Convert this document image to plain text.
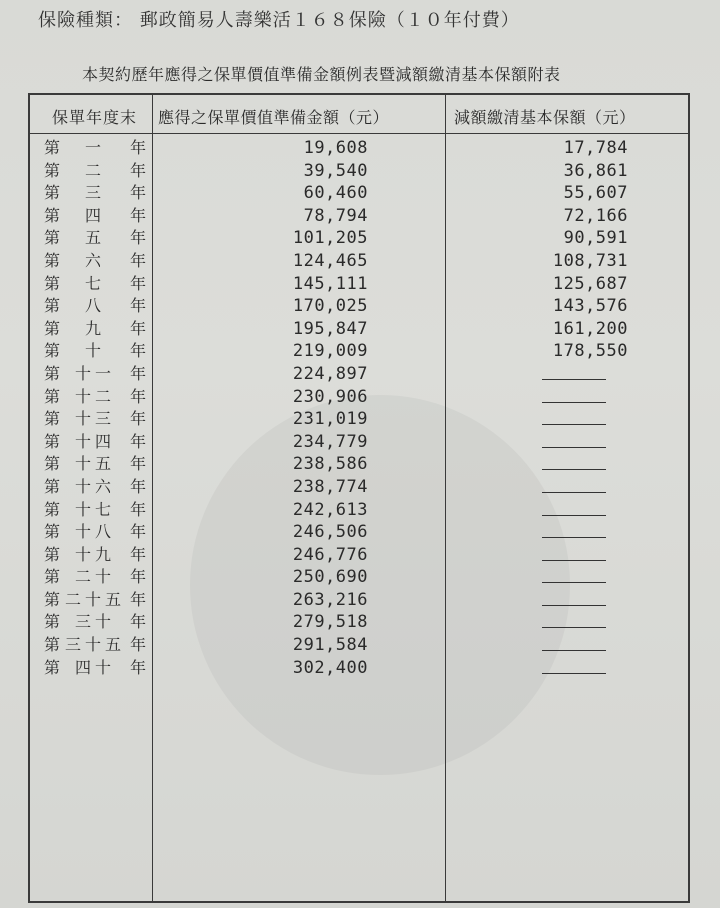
保險種類： 郵政簡易人壽樂活１６８保險（１０年付費）
本契約歷年應得之保單價值準備金額例表暨減額繳清基本保額附表
保單年度末 應得之保單價值準備金額（元）	減額繳清基本保額（元）
第	一	年	19,608	17,784
第	二	年	39,540	36,861
第	三	年	60,460	55,607
第	四	年	78,794	72,166
第	五	年	101,205	90,591
第	六	年	124,465	108,731
第	七	年	145,111	125,687
第	八	年	170,025	143,576
第	九	年	195,847	161,200
第	十	年	219,009	178,550
第 十一 年	224,897
第 十二 年	230,906
第 十三 年	231,019
第 十四 年	234,779
第 十五 年	238,586
第 十六 年	238,774
第 十七 年	242,613
第 十八 年	246,506
第 十九 年	246,776
第 二十 年	250,690
第 二十五 年	263,216
第 三十 年	279,518
第 三十五 年	291,584
第 四十 年	302,400
